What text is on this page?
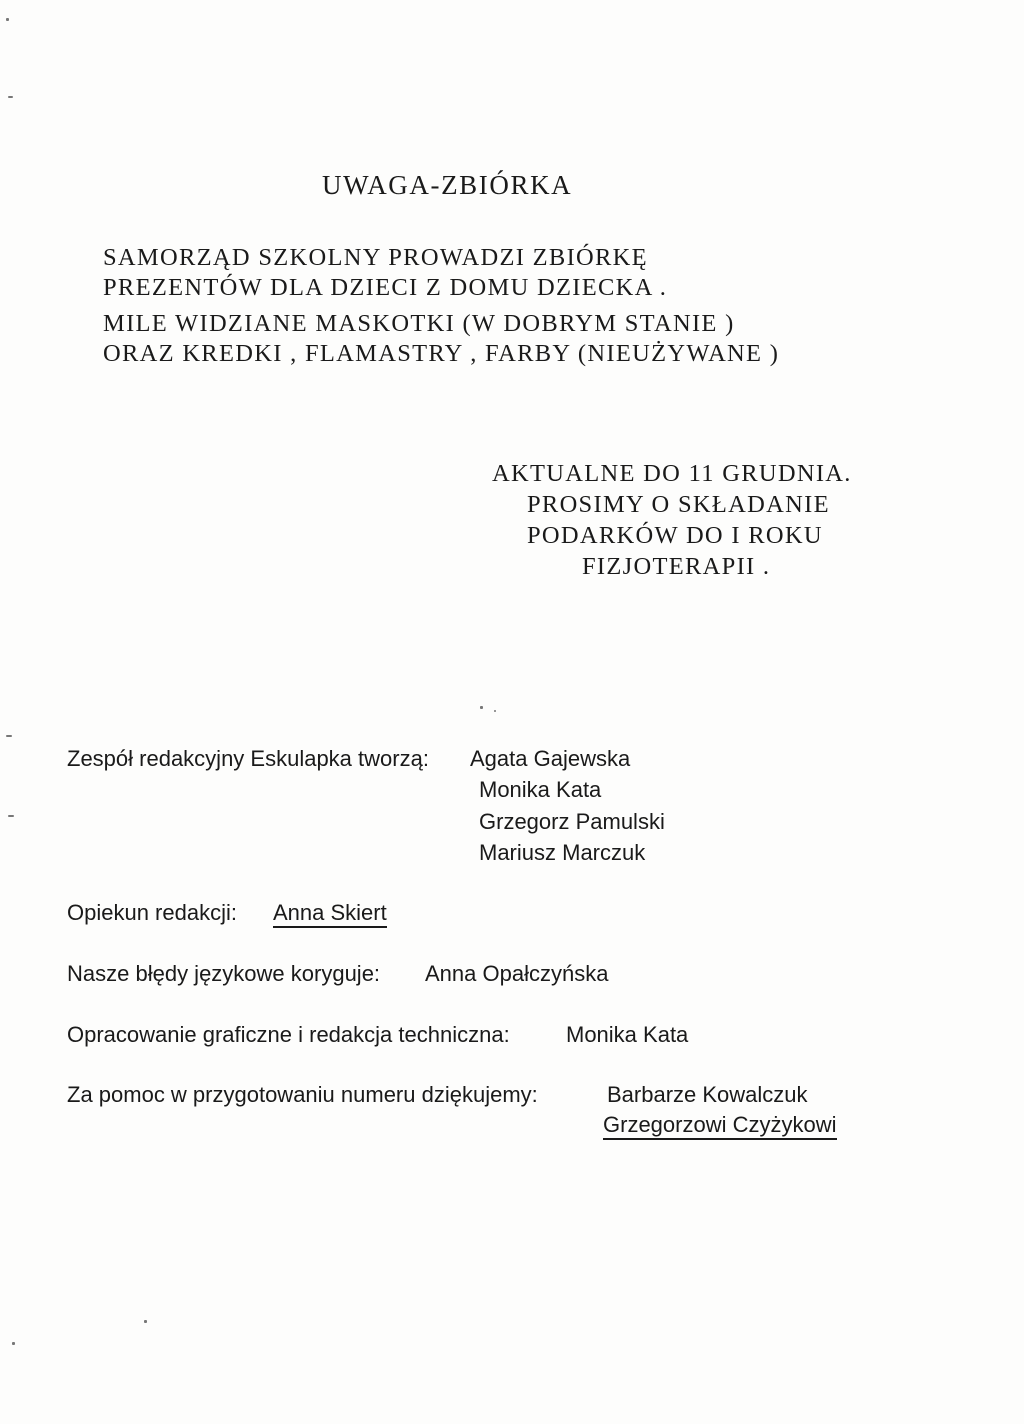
UWAGA-ZBIÓRKA
SAMORZĄD SZKOLNY PROWADZI ZBIÓRKĘ
PREZENTÓW DLA DZIECI Z DOMU DZIECKA .
MILE WIDZIANE MASKOTKI (W DOBRYM STANIE )
ORAZ KREDKI , FLAMASTRY , FARBY (NIEUŻYWANE )
AKTUALNE DO 11 GRUDNIA.
PROSIMY O SKŁADANIE
PODARKÓW DO I ROKU
FIZJOTERAPII .
Zespół redakcyjny Eskulapka tworzą: Agata Gajewska
Monika Kata
Grzegorz Pamulski
Mariusz Marczuk
Opiekun redakcji: Anna Skiert
Nasze błędy językowe koryguje: Anna Opałczyńska
Opracowanie graficzne i redakcja techniczna:	Monika Kata
Za pomoc w przygotowaniu numeru dziękujemy:	Barbarze Kowalczuk
Grzegorzowi Czyżykowi
